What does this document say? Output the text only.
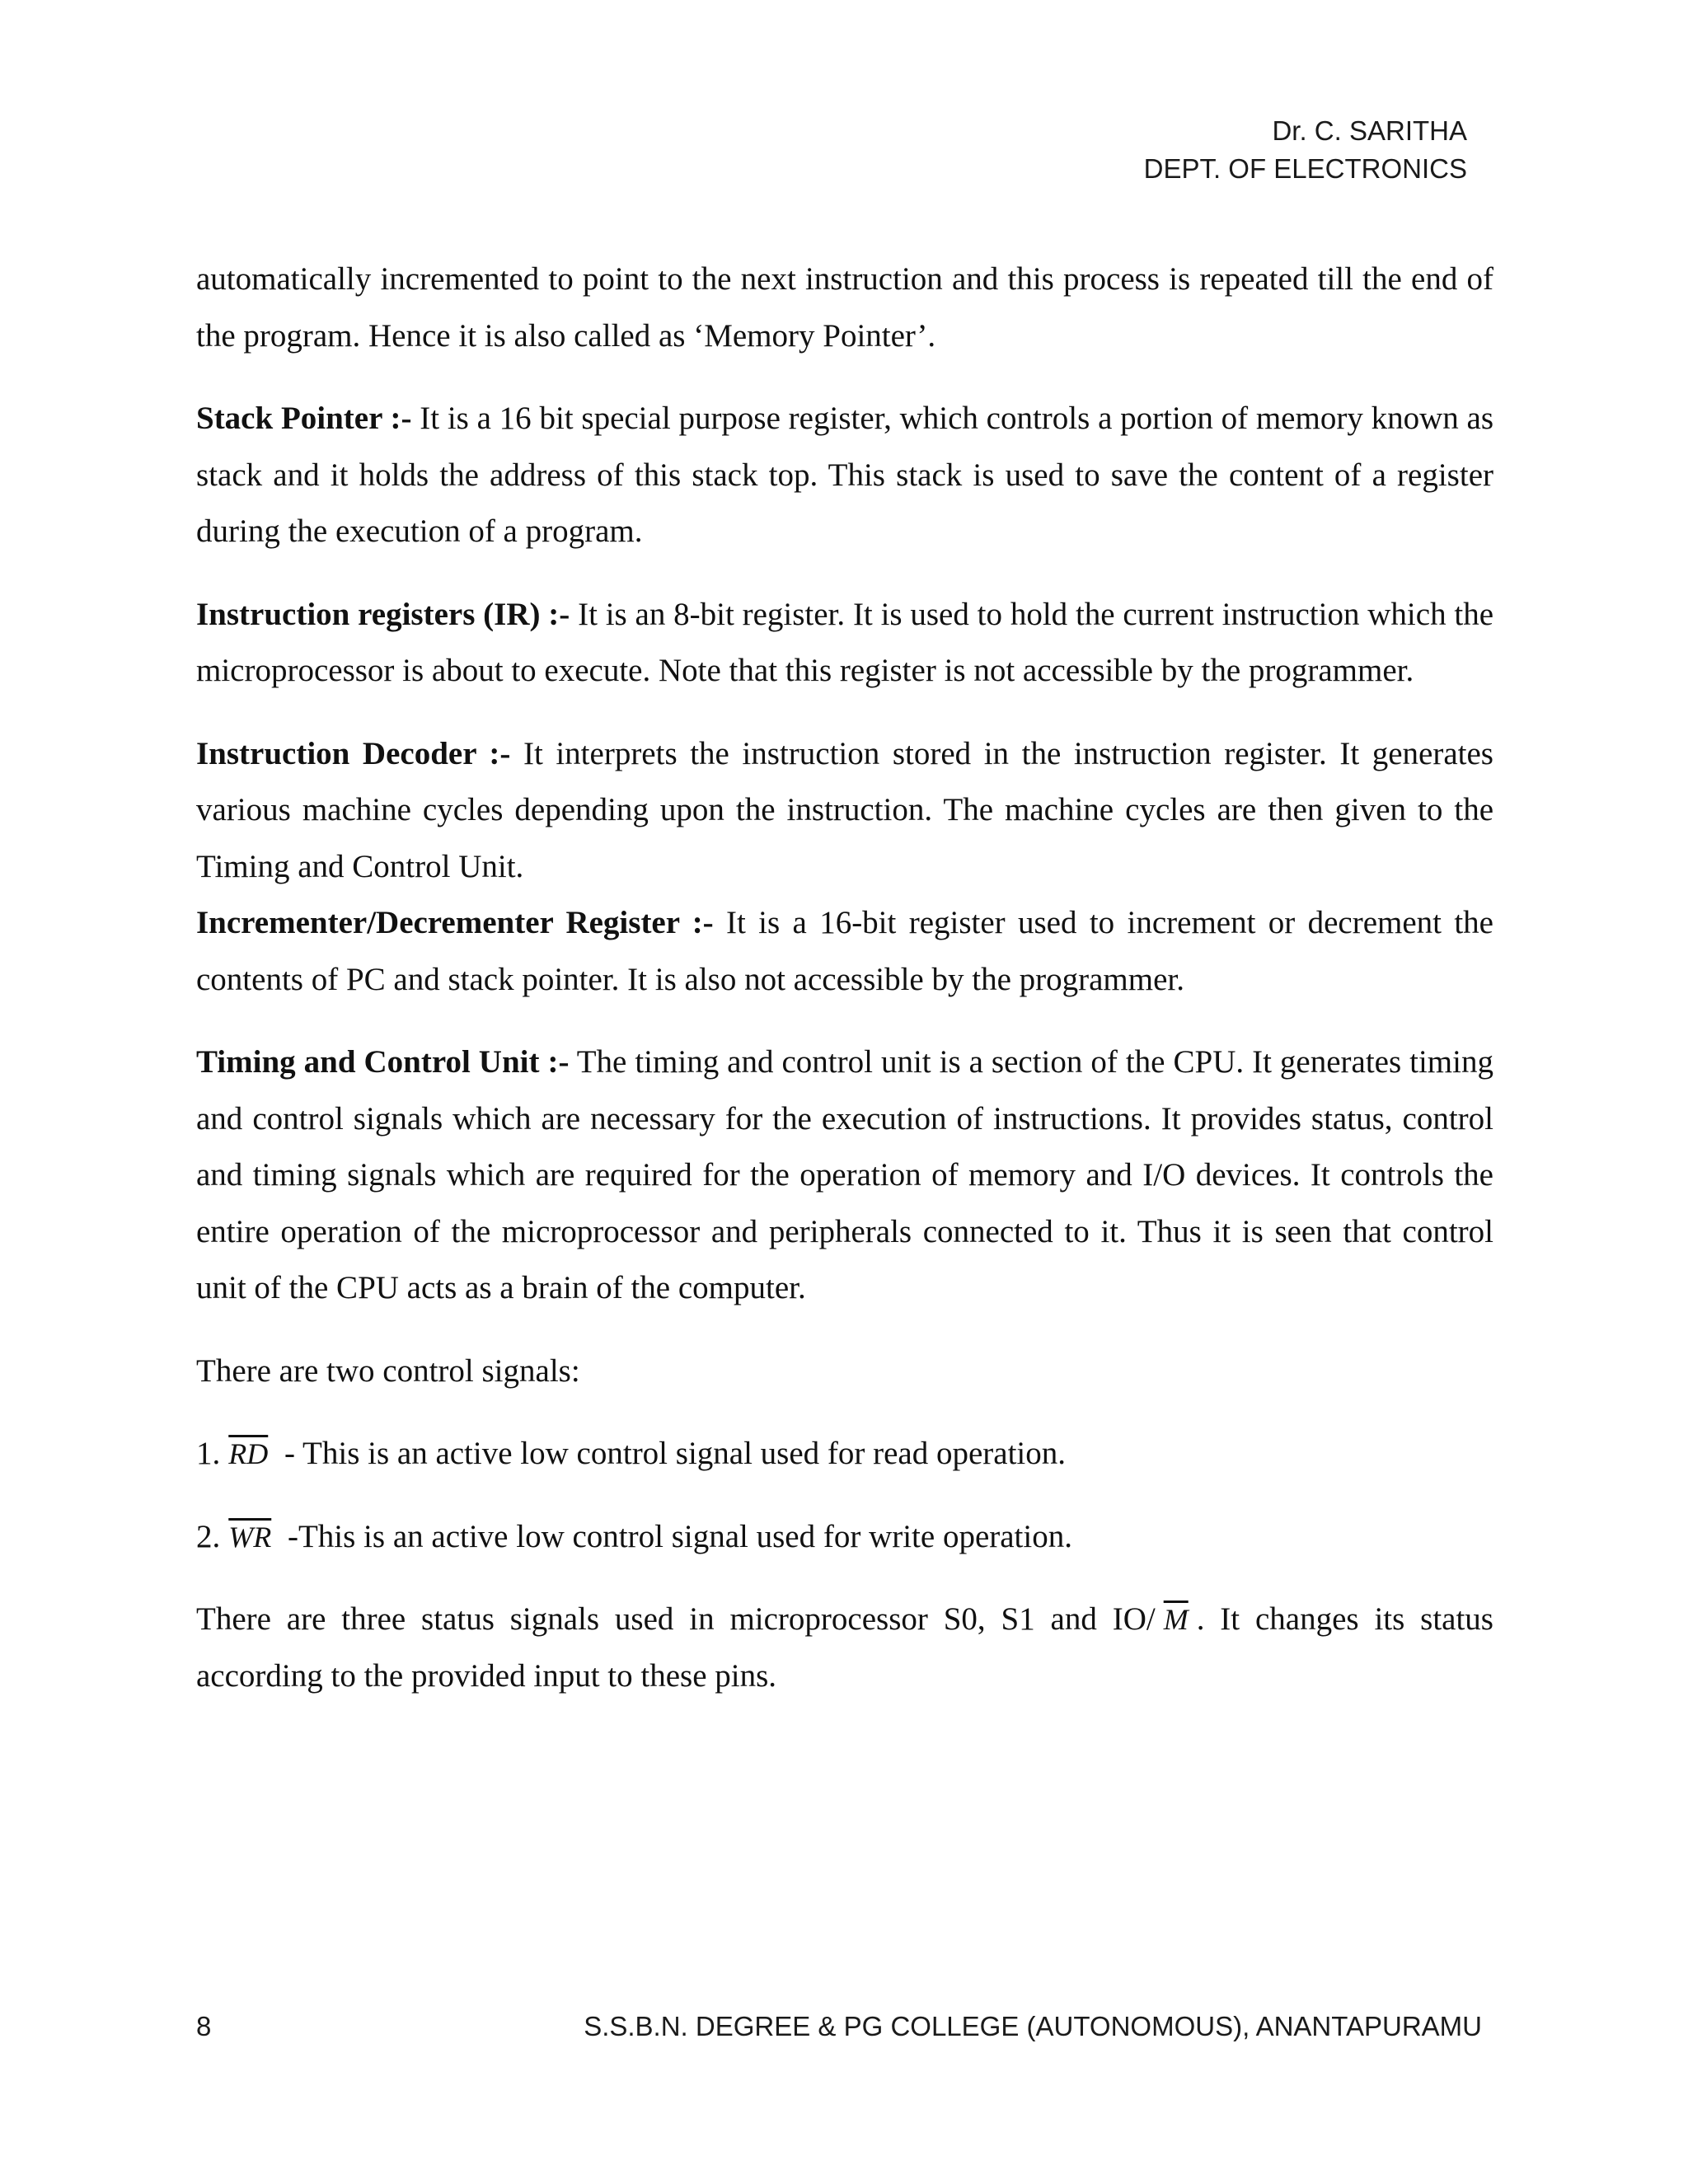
Dr. C. SARITHA
DEPT. OF ELECTRONICS

automatically incremented to point to the next instruction and this process is repeated till the end of the program. Hence it is also called as ‘Memory Pointer’.

Stack Pointer :- It is a 16 bit special purpose register, which controls a portion of memory known as stack and it holds the address of this stack top. This stack is used to save the content of a register during the execution of a program.

Instruction registers (IR) :- It is an 8-bit register. It is used to hold the current instruction which the microprocessor is about to execute. Note that this register is not accessible by the programmer.

Instruction Decoder :- It interprets the instruction stored in the instruction register. It generates various machine cycles depending upon the instruction. The machine cycles are then given to the Timing and Control Unit.

Incrementer/Decrementer Register :- It is a 16-bit register used to increment or decrement the contents of PC and stack pointer. It is also not accessible by the programmer.

Timing and Control Unit :- The timing and control unit is a section of the CPU. It generates timing and control signals which are necessary for the execution of instructions. It provides status, control and timing signals which are required for the operation of memory and I/O devices. It controls the entire operation of the microprocessor and peripherals connected to it. Thus it is seen that control unit of the CPU acts as a brain of the computer.

There are two control signals:

1. $\overline{RD}$ - This is an active low control signal used for read operation.

2. $\overline{WR}$ -This is an active low control signal used for write operation.

There are three status signals used in microprocessor S0, S1 and IO/ $\overline{M}$ . It changes its status according to the provided input to these pins.

8	S.S.B.N. DEGREE & PG COLLEGE (AUTONOMOUS), ANANTAPURAMU
